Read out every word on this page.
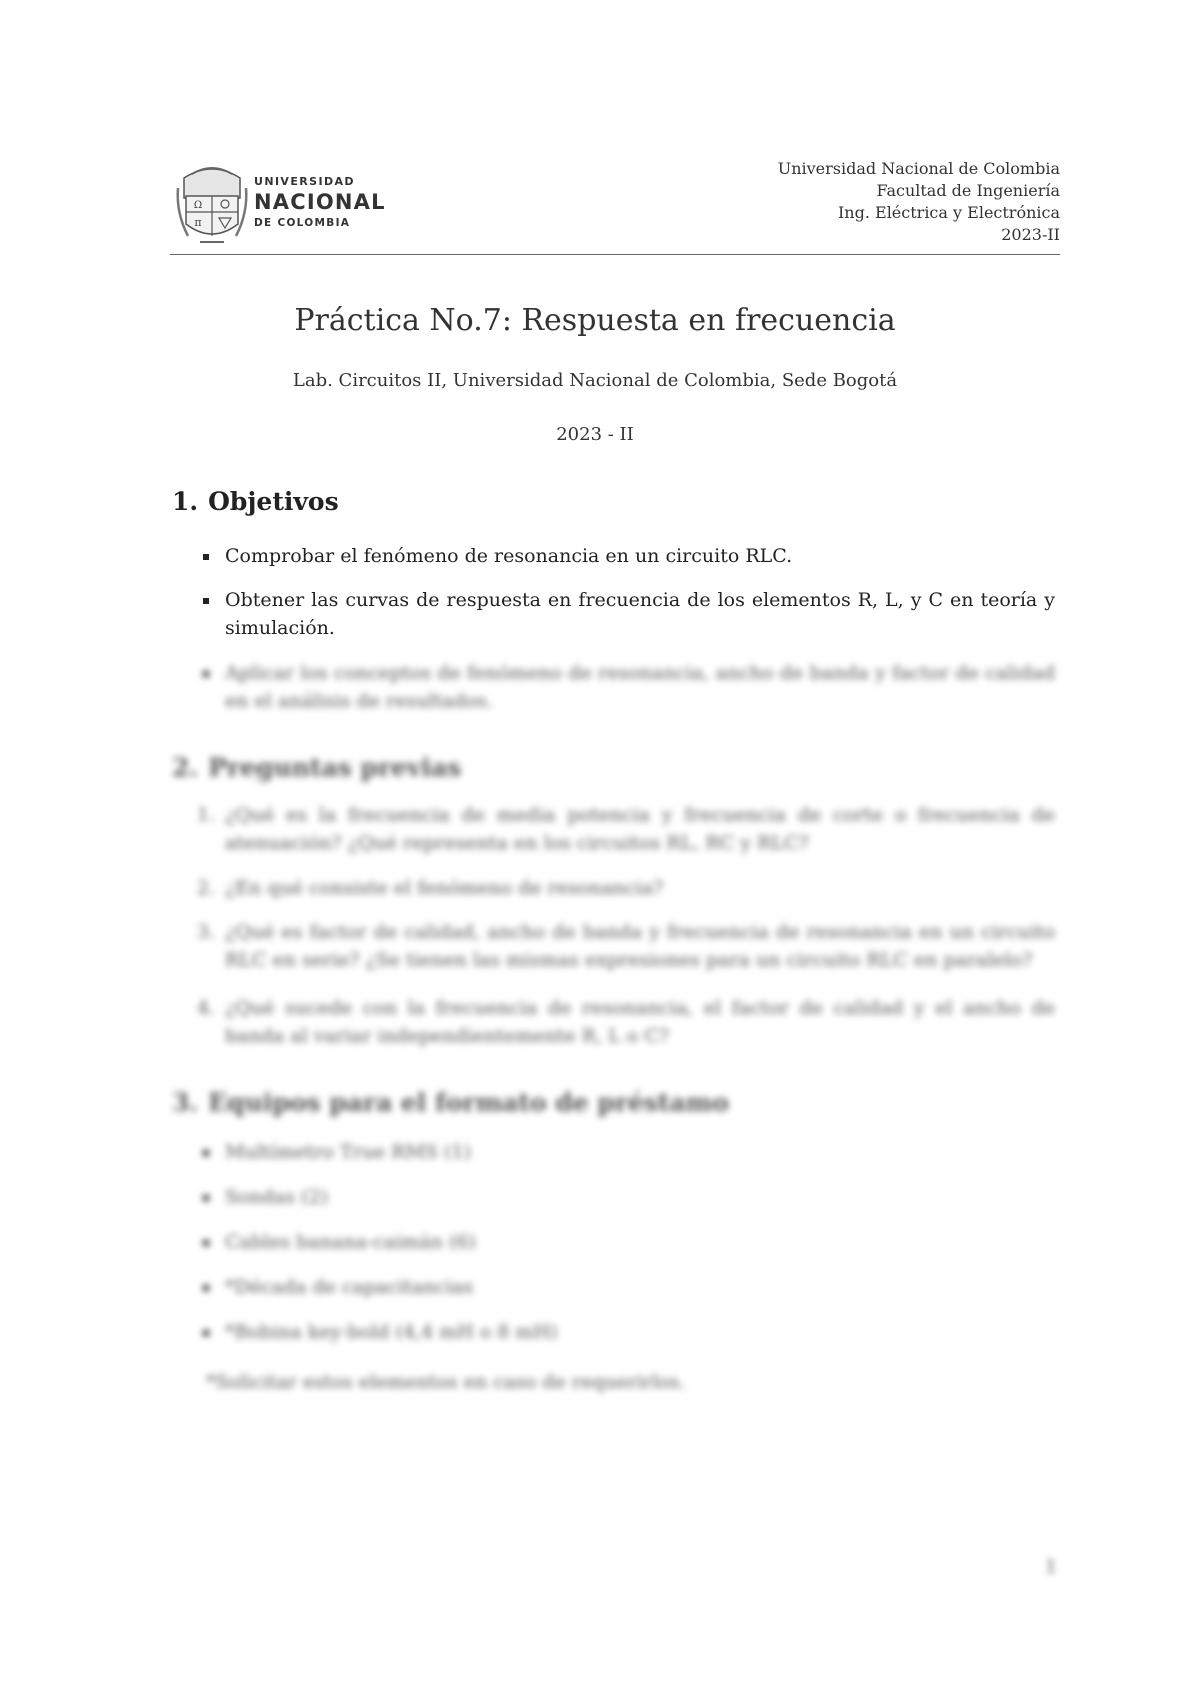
Ω
π
UNIVERSIDAD
NACIONAL
DE COLOMBIA
Universidad Nacional de Colombia
Facultad de Ingeniería
Ing. Eléctrica y Electrónica
2023-II
Práctica No.7: Respuesta en frecuencia
Lab. Circuitos II, Universidad Nacional de Colombia, Sede Bogotá
2023 - II
1. Objetivos
Comprobar el fenómeno de resonancia en un circuito RLC.
Obtener las curvas de respuesta en frecuencia de los elementos R, L, y C en teoría y simulación.
Aplicar los conceptos de fenómeno de resonancia, ancho de banda y factor de calidad en el análisis de resultados.
2. Preguntas previas
1. ¿Qué es la frecuencia de media potencia y frecuencia de corte o frecuencia de atenuación? ¿Qué representa en los circuitos RL, RC y RLC?
2. ¿En qué consiste el fenómeno de resonancia?
3. ¿Qué es factor de calidad, ancho de banda y frecuencia de resonancia en un circuito RLC en serie? ¿Se tienen las mismas expresiones para un circuito RLC en paralelo?
4. ¿Qué sucede con la frecuencia de resonancia, el factor de calidad y el ancho de banda al variar independientemente R, L o C?
3. Equipos para el formato de préstamo
Multímetro True RMS (1)
Sondas (2)
Cables banana-caimán (6)
*Década de capacitancias
*Bobina key-bold (4,4 mH o 8 mH)
*Solicitar estos elementos en caso de requerirlos.
1
